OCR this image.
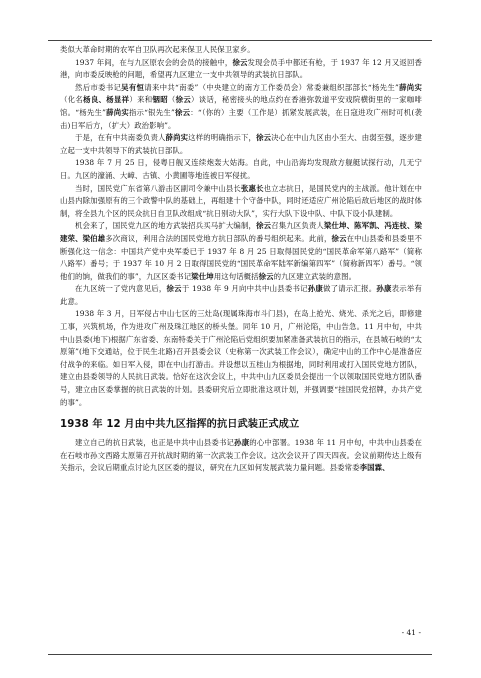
类似大革命时期的农军自卫队再次起来保卫人民保卫家乡。

1937 年间，在与九区原农会的会员的接触中，徐云发现会员手中都还有枪，于 1937 年 12 月又返回香港，向市委反映枪的问题，希望再九区建立一支中共领导的武装抗日部队。

然后市委书记吴有恒请来中共“南委”（中央建立的南方工作委员会）常委兼组织部部长“杨先生”薛尚实（化名杨良、杨显祥）来和铟昭（徐云）谈话，秘密接头的地点约在香港弥敦道平安戏院横街里的一家咖啡馆。“杨先生”薛尚实指示“银先生”徐云：“（你的）主要（工作是）抓紧发展武装，在日寇进攻广州时可机(袭击)日军后方，（扩大）政治影响”。

于是，在有中共南委负责人薛尚实这样的明确指示下，徐云决心在中山九区由小至大、由弱至强，逐步建立起一支中共领导下的武装抗日部队。

1938 年 7 月 25 日，侵粤日舰又连续炮轰大姑海。自此，中山沿海均发现敌方舰艇试探行动，几无宁日。九区的濠涌、大嶂、古镇、小黄圃等地连被日军侵扰。

当时，国民党广东省第八游击区副司令兼中山县长张惠长也立志抗日，是国民党内的主战派。他计划在中山县内除加强原有的三个政警中队的基础上，再组建十个守备中队，同时还适应广州沦陷后敌后地区的战时体制，将全县九个区的民众抗日自卫队改组成“抗日别动大队”，实行大队下设中队、中队下设小队建制。

机会来了，国民党九区的地方武装招兵买马扩大编制，徐云召集九区负责人梁仕坤、陈军凯、冯连枝、梁建荣、梁伯雄多次商议，利用合法的国民党地方抗日部队的番号组织起来。此前，徐云在中山县委和县委里不断强化这一信念：中国共产党中央军委已于 1937 年 8 月 25 日取得国民党的“国民革命军第八路军”（简称八路军）番号；于 1937 年 10 月 2 日取得国民党的“国民革命军陆军新编第四军”（简称新四军）番号。“领他们的饷，做我们的事”，九区区委书记梁仕坤用这句话概括徐云的九区建立武装的意图。

在九区统一了党内意见后，徐云于 1938 年 9 月向中共中山县委书记孙康做了请示汇报。孙康表示举有此意。

1938 年 3 月，日军侵占中山七区的三灶岛(现属珠海市斗门县)，在岛上抢光、烧光、杀光之后，即修建工事，兴筑机场，作为进攻广州及珠江地区的桥头堡。同年 10 月，广州沦陷，中山告急。11 月中旬，中共中山县委(地下)根据广东省委、东南特委关于广州沦陷后党组织要加紧准备武装抗日的指示，在县城石岐的“太原第”(地下交通站，位于民生北路)召开县委会议（史称第一次武装工作会议），确定中山的工作中心是准备应付战争的来临。如日军入侵，即在中山打游击。并设想以五桂山为根据地，同时利用或打入国民党地方团队，建立由县委领导的人民抗日武装。恰好在这次会议上，中共中山九区委员会提出一个以领取国民党地方团队番号，建立由区委掌握的抗日武装的计划。县委研究后立即批准这项计划，并强调要“挂国民党招牌，办共产党的事”。

1938 年 12 月由中共九区指挥的抗日武装正式成立

建立自己的抗日武装，也正是中共中山县委书记孙康的心中部署。1938 年 11 月中旬，中共中山县委在在石岐市孙文西路太原第召开抗战时期的第一次武装工作会议。这次会议开了四天四夜。会议前期传达上级有关指示，会议后期重点讨论九区区委的提议，研究在九区如何发展武装力量问题。县委常委李国霖、

- 41 -
